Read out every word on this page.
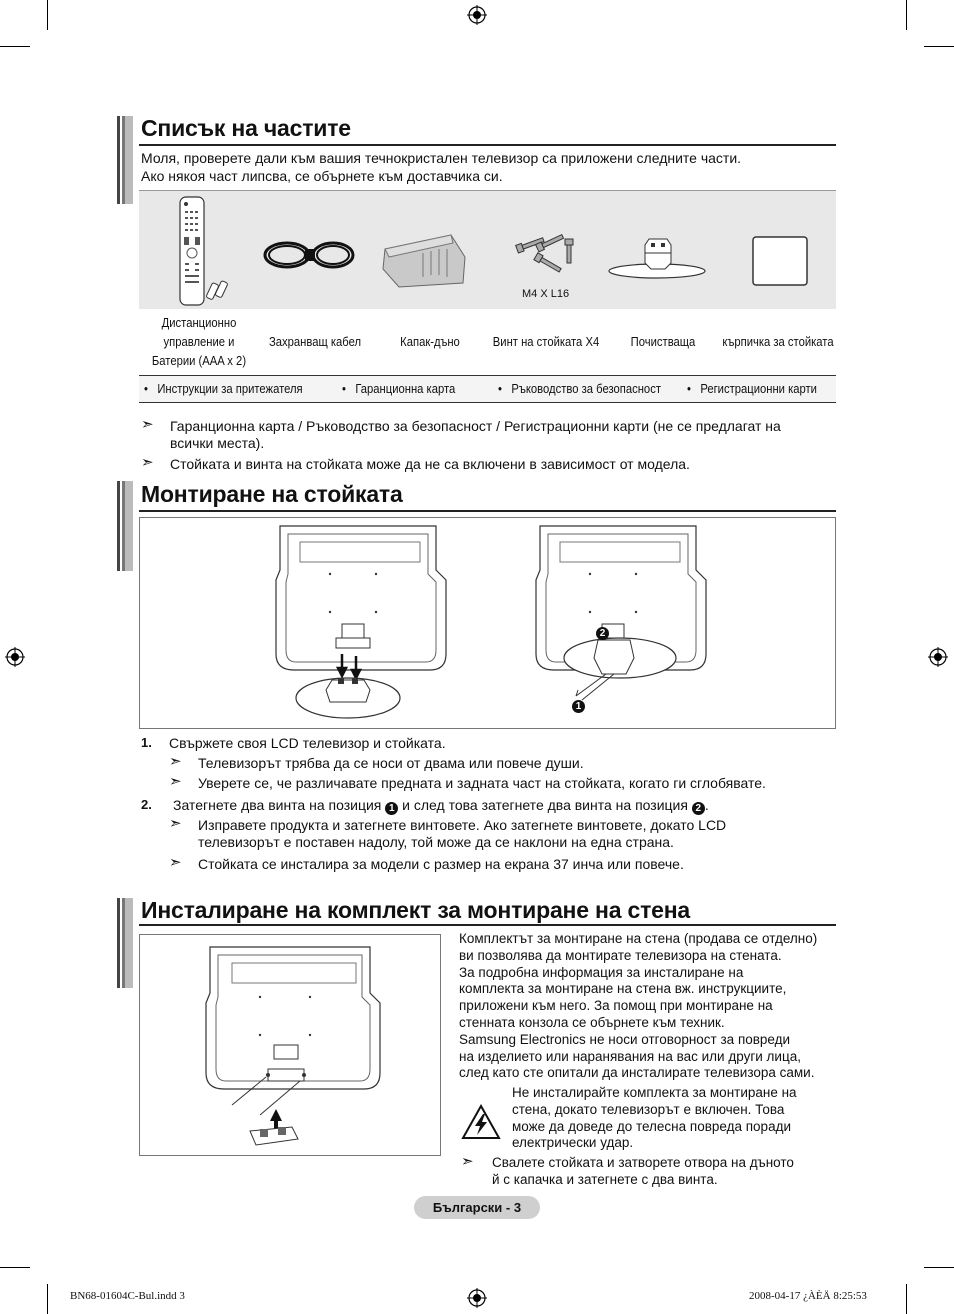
Списък на частите
Моля, проверете дали към вашия течнокристален телевизор са приложени следните части.
Ако някоя част липсва, се обърнете към доставчика си.
M4 X L16
Дистанционно
управление и
Батерии (AAA x 2)
Захранващ кабел	Капак-дъно	Винт на стойката X4	Почистваща	кърпичка за стойката
•   Инструкции за притежателя	•   Гаранционна карта	•   Ръководство за безопасност •   Регистрационни карти
➣ Гаранционна карта / Ръководство за безопасност / Регистрационни карти (не се предлагат на
всички места).
➣ Стойката и винта на стойката може да не са включени в зависимост от модела.
Монтиране на стойката
2
1
1. Свържете своя LCD телевизор и стойката.
➣ Телевизорът трябва да се носи от двама или повече души.
➣ Уверете се, че различавате предната и задната част на стойката, когато ги сглобявате.
2. Затегнете два винта на позиция 1 и след това затегнете два винта на позиция 2 .
➣ Изправете продукта и затегнете винтовете. Ако затегнете винтовете, докато LCD
телевизорът е поставен надолу, той може да се наклони на една страна.
➣ Стойката се инсталира за модели с размер на екрана 37 инча или повече.
Инсталиране на комплект за монтиране на стена
Комплектът за монтиране на стена (продава се отделно)
ви позволява да монтирате телевизора на стената.
За подробна информация за инсталиране на
комплекта за монтиране на стена вж. инструкциите,
приложени към него. За помощ при монтиране на
стенната конзола се обърнете към техник.
Samsung Electronics не носи отговорност за повреди
на изделието или наранявания на вас или други лица,
след като сте опитали да инсталирате телевизора сами.
Не инсталирайте комплекта за монтиране на
стена, докато телевизорът е включен. Това
може да доведе до телесна повреда поради
електрически удар.
➣ Свалете стойката и затворете отвора на дъното
й с капачка и затегнете с два винта.
Български - 3
BN68-01604C-Bul.indd 3	2008-04-17 ¿ÀÈÄ 8:25:53
